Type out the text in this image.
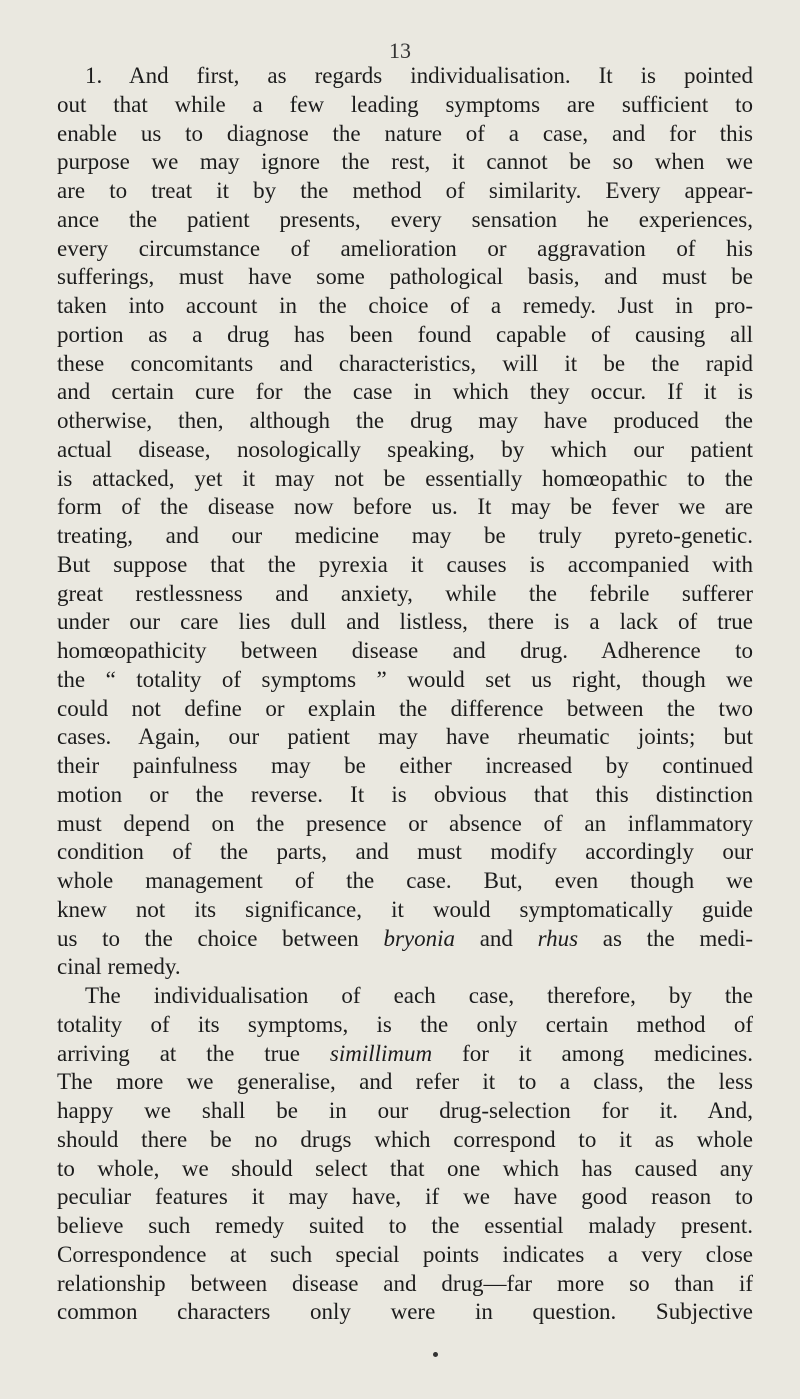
13
1. And first, as regards individualisation. It is pointed
out that while a few leading symptoms are sufficient to
enable us to diagnose the nature of a case, and for this
purpose we may ignore the rest, it cannot be so when we
are to treat it by the method of similarity. Every appear-
ance the patient presents, every sensation he experiences,
every circumstance of amelioration or aggravation of his
sufferings, must have some pathological basis, and must be
taken into account in the choice of a remedy. Just in pro-
portion as a drug has been found capable of causing all
these concomitants and characteristics, will it be the rapid
and certain cure for the case in which they occur. If it is
otherwise, then, although the drug may have produced the
actual disease, nosologically speaking, by which our patient
is attacked, yet it may not be essentially homœopathic to the
form of the disease now before us. It may be fever we are
treating, and our medicine may be truly pyreto-genetic.
But suppose that the pyrexia it causes is accompanied with
great restlessness and anxiety, while the febrile sufferer
under our care lies dull and listless, there is a lack of true
homœopathicity between disease and drug. Adherence to
the “ totality of symptoms ” would set us right, though we
could not define or explain the difference between the two
cases. Again, our patient may have rheumatic joints; but
their painfulness may be either increased by continued
motion or the reverse. It is obvious that this distinction
must depend on the presence or absence of an inflammatory
condition of the parts, and must modify accordingly our
whole management of the case. But, even though we
knew not its significance, it would symptomatically guide
us to the choice between bryonia and rhus as the medi-
cinal remedy.
The individualisation of each case, therefore, by the
totality of its symptoms, is the only certain method of
arriving at the true simillimum for it among medicines.
The more we generalise, and refer it to a class, the less
happy we shall be in our drug-selection for it. And,
should there be no drugs which correspond to it as whole
to whole, we should select that one which has caused any
peculiar features it may have, if we have good reason to
believe such remedy suited to the essential malady present.
Correspondence at such special points indicates a very close
relationship between disease and drug—far more so than if
common characters only were in question. Subjective
